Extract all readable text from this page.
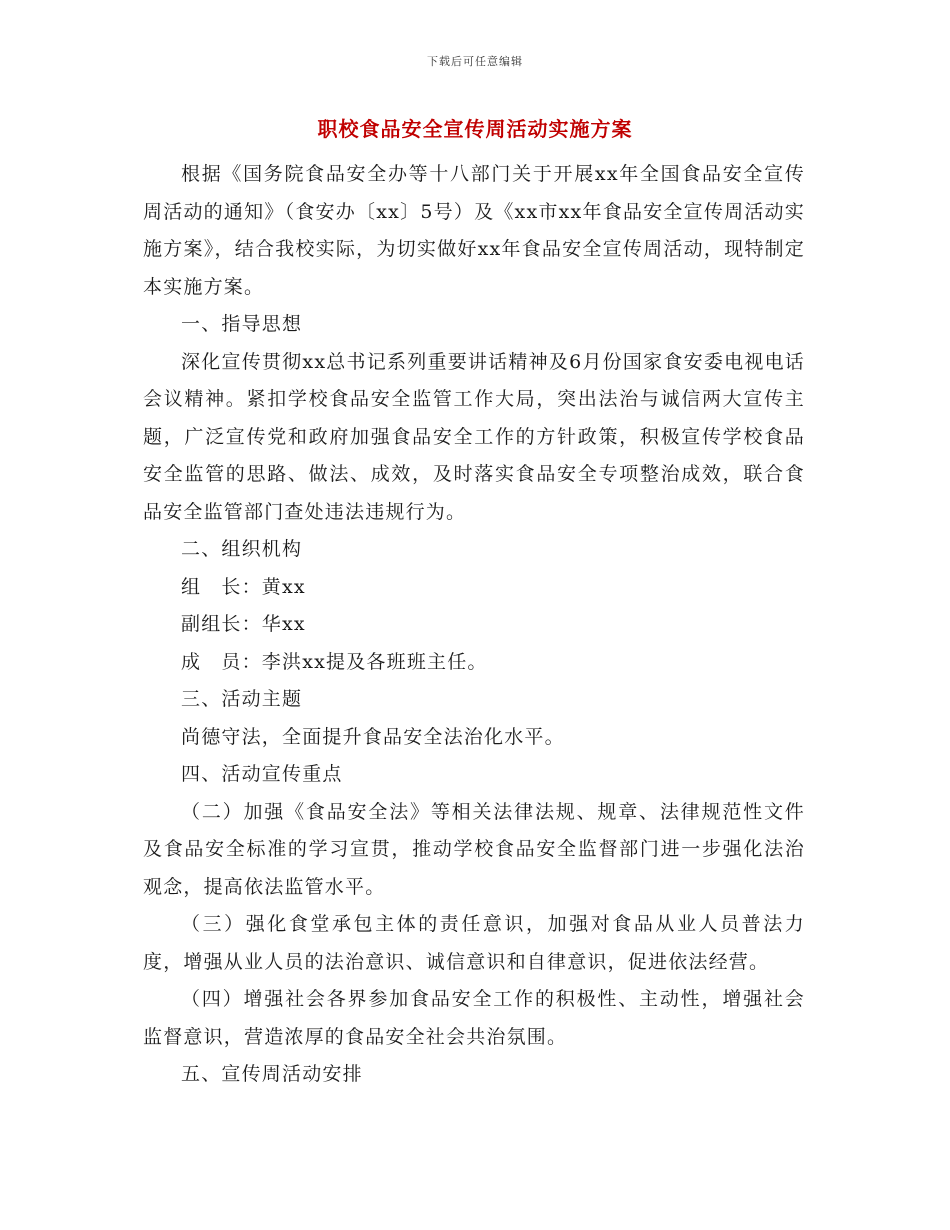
下载后可任意编辑
职校食品安全宣传周活动实施方案

根据《国务院食品安全办等十八部门关于开展xx年全国食品安全宣传周活动的通知》（食安办〔xx〕5号）及《xx市xx年食品安全宣传周活动实施方案》，结合我校实际，为切实做好xx年食品安全宣传周活动，现特制定本实施方案。

一、指导思想

深化宣传贯彻xx总书记系列重要讲话精神及6月份国家食安委电视电话会议精神。紧扣学校食品安全监管工作大局，突出法治与诚信两大宣传主题，广泛宣传党和政府加强食品安全工作的方针政策，积极宣传学校食品安全监管的思路、做法、成效，及时落实食品安全专项整治成效，联合食品安全监管部门查处违法违规行为。

二、组织机构

组　长：黄xx

副组长：华xx

成　员：李洪xx提及各班班主任。

三、活动主题

尚德守法，全面提升食品安全法治化水平。

四、活动宣传重点

（二）加强《食品安全法》等相关法律法规、规章、法律规范性文件及食品安全标准的学习宣贯，推动学校食品安全监督部门进一步强化法治观念，提高依法监管水平。

（三）强化食堂承包主体的责任意识，加强对食品从业人员普法力度，增强从业人员的法治意识、诚信意识和自律意识，促进依法经营。

（四）增强社会各界参加食品安全工作的积极性、主动性，增强社会监督意识，营造浓厚的食品安全社会共治氛围。

五、宣传周活动安排
